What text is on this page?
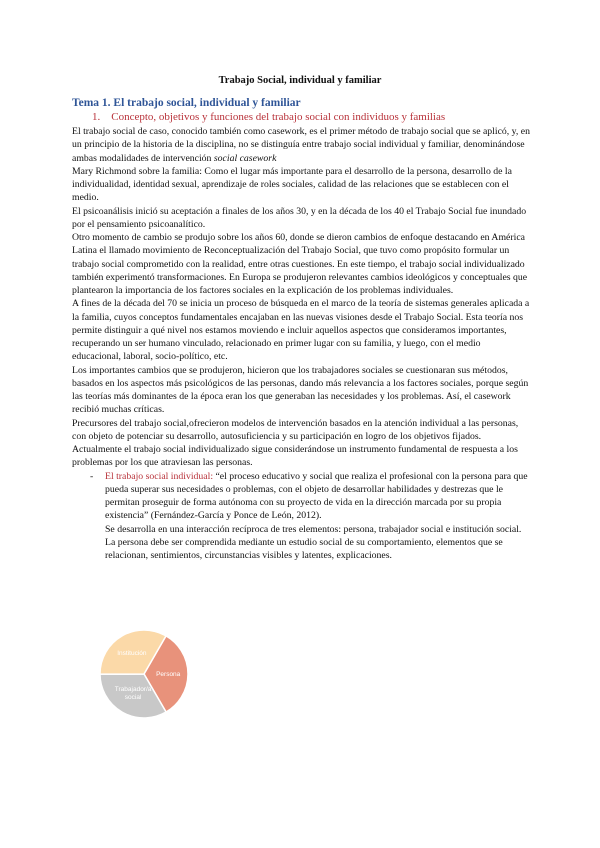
Trabajo Social, individual y familiar
Tema 1. El trabajo social, individual y familiar
1. Concepto, objetivos y funciones del trabajo social con individuos y familias

El trabajo social de caso, conocido también como casework, es el primer método de trabajo social que se aplicó, y, en un principio de la historia de la disciplina, no se distinguía entre trabajo social individual y familiar, denominándose ambas modalidades de intervención social casework

Mary Richmond sobre la familia: Como el lugar más importante para el desarrollo de la persona, desarrollo de la individualidad, identidad sexual, aprendizaje de roles sociales, calidad de las relaciones que se establecen con el medio.

El psicoanálisis inició su aceptación a finales de los años 30, y en la década de los 40 el Trabajo Social fue inundado por el pensamiento psicoanalítico.

Otro momento de cambio se produjo sobre los años 60, donde se dieron cambios de enfoque destacando en América Latina el llamado movimiento de Reconceptualización del Trabajo Social, que tuvo como propósito formular un trabajo social comprometido con la realidad, entre otras cuestiones. En este tiempo, el trabajo social individualizado también experimentó transformaciones. En Europa se produjeron relevantes cambios ideológicos y conceptuales que plantearon la importancia de los factores sociales en la explicación de los problemas individuales.

A fines de la década del 70 se inicia un proceso de búsqueda en el marco de la teoría de sistemas generales aplicada a la familia, cuyos conceptos fundamentales encajaban en las nuevas visiones desde el Trabajo Social. Esta teoría nos permite distinguir a qué nivel nos estamos moviendo e incluir aquellos aspectos que consideramos importantes, recuperando un ser humano vinculado, relacionado en primer lugar con su familia, y luego, con el medio educacional, laboral, socio-político, etc.

Los importantes cambios que se produjeron, hicieron que los trabajadores sociales se cuestionaran sus métodos, basados en los aspectos más psicológicos de las personas, dando más relevancia a los factores sociales, porque según las teorías más dominantes de la época eran los que generaban las necesidades y los problemas. Así, el casework recibió muchas críticas.

Precursores del trabajo social,ofrecieron modelos de intervención basados en la atención individual a las personas, con objeto de potenciar su desarrollo, autosuficiencia y su participación en logro de los objetivos fijados.

Actualmente el trabajo social individualizado sigue considerándose un instrumento fundamental de respuesta a los problemas por los que atraviesan las personas.

-	El trabajo social individual: “el proceso educativo y social que realiza el profesional con la persona para que pueda superar sus necesidades o problemas, con el objeto de desarrollar habilidades y destrezas que le permitan proseguir de forma autónoma con su proyecto de vida en la dirección marcada por su propia existencia” (Fernández-García y Ponce de León, 2012).

Se desarrolla en una interacción recíproca de tres elementos: persona, trabajador social e institución social. La persona debe ser comprendida mediante un estudio social de su comportamiento, elementos que se relacionan, sentimientos, circunstancias visibles y latentes, explicaciones.

Persona
Trabajador/a social
Institución
